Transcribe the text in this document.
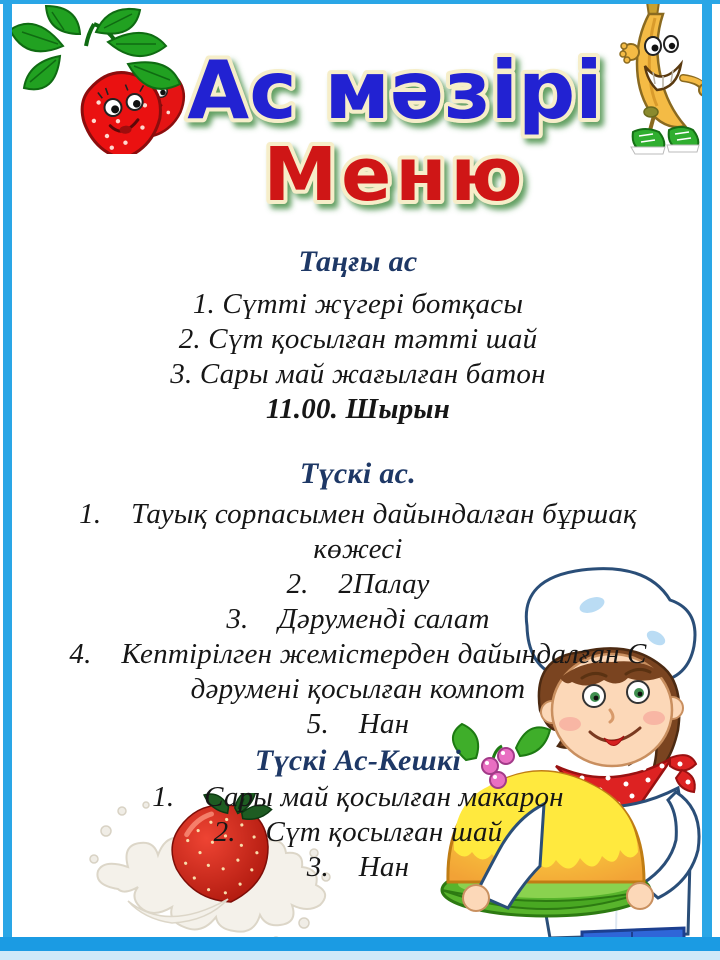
Ас мәзірі
Меню
Таңғы ас
1. Сүтті жүгері ботқасы
2. Сүт қосылған тәтті шай
3. Сары май жағылған батон
11.00. Шырын
Түскі ас.
1.    Тауық сорпасымен дайындалған бұршақ
көжесі
2.    2Палау
3.    Дәруменді салат
4.    Кептірілген жемістерден дайындалған С
дәрумені қосылған компот
5.    Нан
Түскі Ас-Кешкі
1.    Сары май қосылған макарон
2.    Сүт қосылған шай
3.    Нан
